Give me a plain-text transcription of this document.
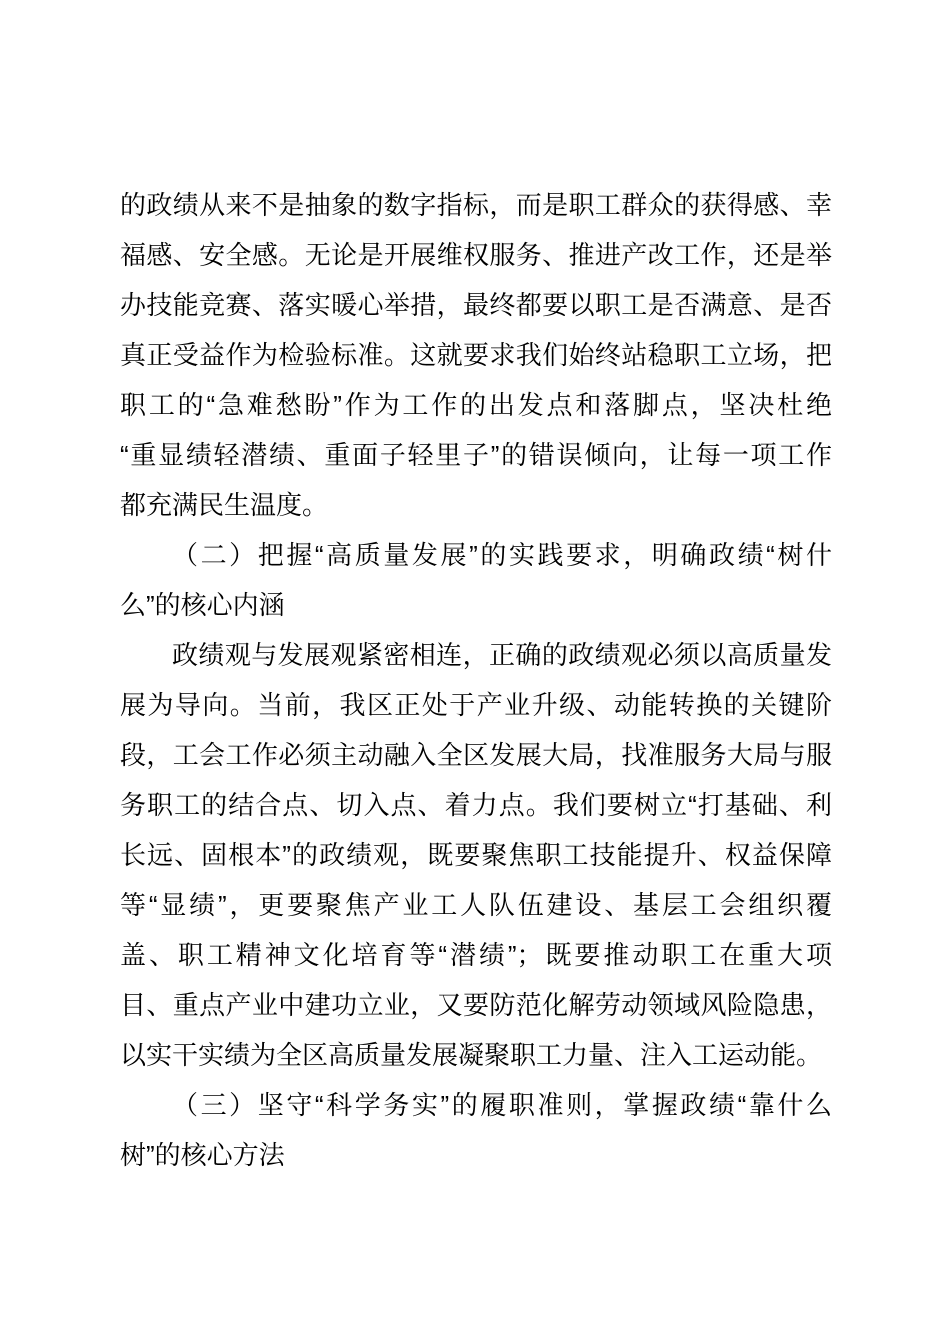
的政绩从来不是抽象的数字指标，而是职工群众的获得感、幸
福感、安全感。无论是开展维权服务、推进产改工作，还是举
办技能竞赛、落实暖心举措，最终都要以职工是否满意、是否
真正受益作为检验标准。这就要求我们始终站稳职工立场，把
职工的“急难愁盼”作为工作的出发点和落脚点，坚决杜绝
“重显绩轻潜绩、重面子轻里子”的错误倾向，让每一项工作
都充满民生温度。
（二）把握“高质量发展”的实践要求，明确政绩“树什
么”的核心内涵
政绩观与发展观紧密相连，正确的政绩观必须以高质量发
展为导向。当前，我区正处于产业升级、动能转换的关键阶
段，工会工作必须主动融入全区发展大局，找准服务大局与服
务职工的结合点、切入点、着力点。我们要树立“打基础、利
长远、固根本”的政绩观，既要聚焦职工技能提升、权益保障
等“显绩”，更要聚焦产业工人队伍建设、基层工会组织覆
盖、职工精神文化培育等“潜绩”；既要推动职工在重大项
目、重点产业中建功立业，又要防范化解劳动领域风险隐患，
以实干实绩为全区高质量发展凝聚职工力量、注入工运动能。
（三）坚守“科学务实”的履职准则，掌握政绩“靠什么
树”的核心方法
